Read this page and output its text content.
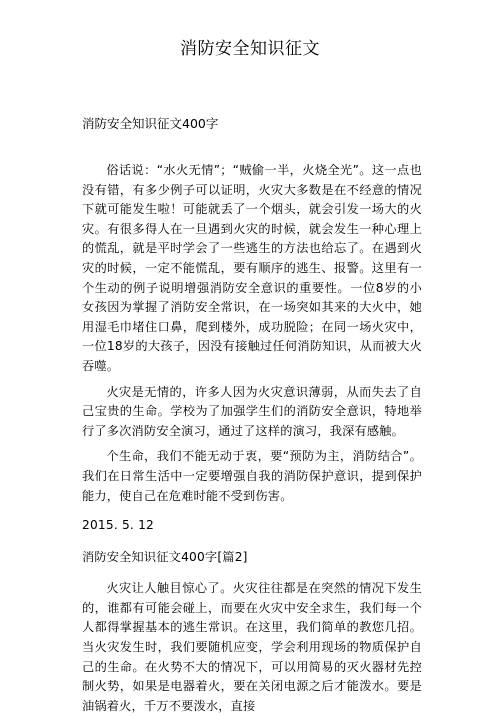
消防安全知识征文
消防安全知识征文400字

俗话说：“水火无情”；“贼偷一半，火烧全光”。这一点也没有错，有多少例子可以证明，火灾大多数是在不经意的情况下就可能发生啦！可能就丢了一个烟头，就会引发一场大的火灾。有很多得人在一旦遇到火灾的时候，就会发生一种心理上的慌乱，就是平时学会了一些逃生的方法也给忘了。在遇到火灾的时候，一定不能慌乱，要有顺序的逃生、报警。这里有一个生动的例子说明增强消防安全意识的重要性。一位8岁的小女孩因为掌握了消防安全常识，在一场突如其来的大火中，她用湿毛巾堵住口鼻，爬到楼外，成功脱险；在同一场火灾中，一位18岁的大孩子，因没有接触过任何消防知识，从而被大火吞噬。

火灾是无情的，许多人因为火灾意识薄弱，从而失去了自己宝贵的生命。学校为了加强学生们的消防安全意识，特地举行了多次消防安全演习，通过了这样的演习，我深有感触。

个生命，我们不能无动于衷，要“预防为主，消防结合”。我们在日常生活中一定要增强自我的消防保护意识，提到保护能力，使自己在危难时能不受到伤害。

2015. 5. 12

消防安全知识征文400字[篇2]

火灾让人触目惊心了。火灾往往都是在突然的情况下发生的，谁都有可能会碰上，而要在火灾中安全求生，我们每一个人都得掌握基本的逃生常识。在这里，我们简单的教您几招。当火灾发生时，我们要随机应变，学会利用现场的物质保护自己的生命。在火势不大的情况下，可以用简易的灭火器材先控制火势，如果是电器着火，要在关闭电源之后才能泼水。要是油锅着火，千万不要泼水，直接
